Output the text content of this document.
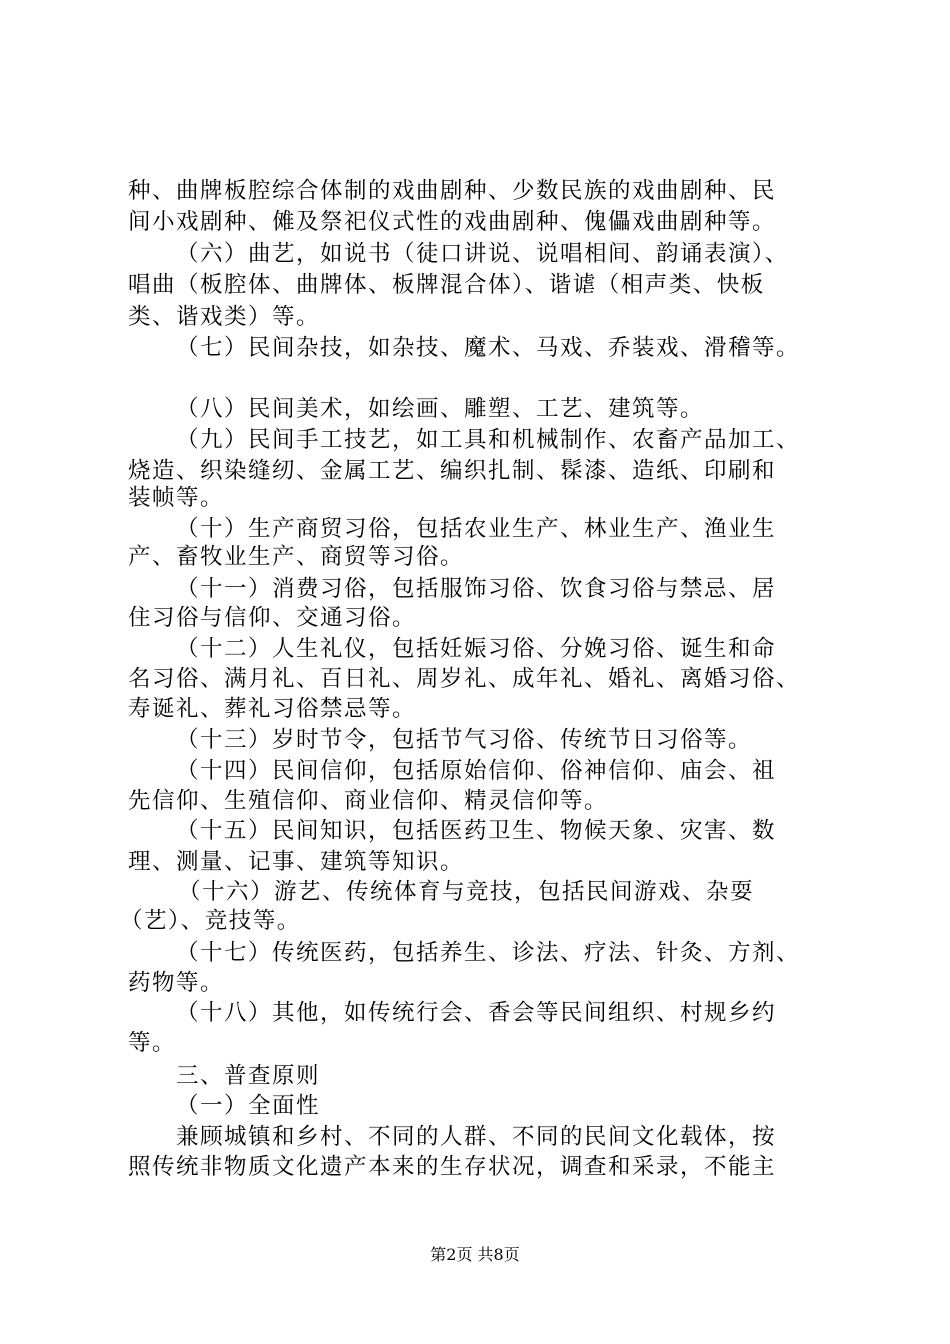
种、曲牌板腔综合体制的戏曲剧种、少数民族的戏曲剧种、民
间小戏剧种、傩及祭祀仪式性的戏曲剧种、傀儡戏曲剧种等。
（六）曲艺，如说书（徒口讲说、说唱相间、韵诵表演）、
唱曲（板腔体、曲牌体、板牌混合体）、谐谑（相声类、快板
类、谐戏类）等。
（七）民间杂技，如杂技、魔术、马戏、乔装戏、滑稽等。
（八）民间美术，如绘画、雕塑、工艺、建筑等。
（九）民间手工技艺，如工具和机械制作、农畜产品加工、
烧造、织染缝纫、金属工艺、编织扎制、髹漆、造纸、印刷和
装帧等。
（十）生产商贸习俗，包括农业生产、林业生产、渔业生
产、畜牧业生产、商贸等习俗。
（十一）消费习俗，包括服饰习俗、饮食习俗与禁忌、居
住习俗与信仰、交通习俗。
（十二）人生礼仪，包括妊娠习俗、分娩习俗、诞生和命
名习俗、满月礼、百日礼、周岁礼、成年礼、婚礼、离婚习俗、
寿诞礼、葬礼习俗禁忌等。
（十三）岁时节令，包括节气习俗、传统节日习俗等。
（十四）民间信仰，包括原始信仰、俗神信仰、庙会、祖
先信仰、生殖信仰、商业信仰、精灵信仰等。
（十五）民间知识，包括医药卫生、物候天象、灾害、数
理、测量、记事、建筑等知识。
（十六）游艺、传统体育与竞技，包括民间游戏、杂耍
（艺）、竞技等。
（十七）传统医药，包括养生、诊法、疗法、针灸、方剂、
药物等。
（十八）其他，如传统行会、香会等民间组织、村规乡约
等。
三、普查原则
（一）全面性
兼顾城镇和乡村、不同的人群、不同的民间文化载体，按
照传统非物质文化遗产本来的生存状况，调查和采录，不能主
第2页 共8页
